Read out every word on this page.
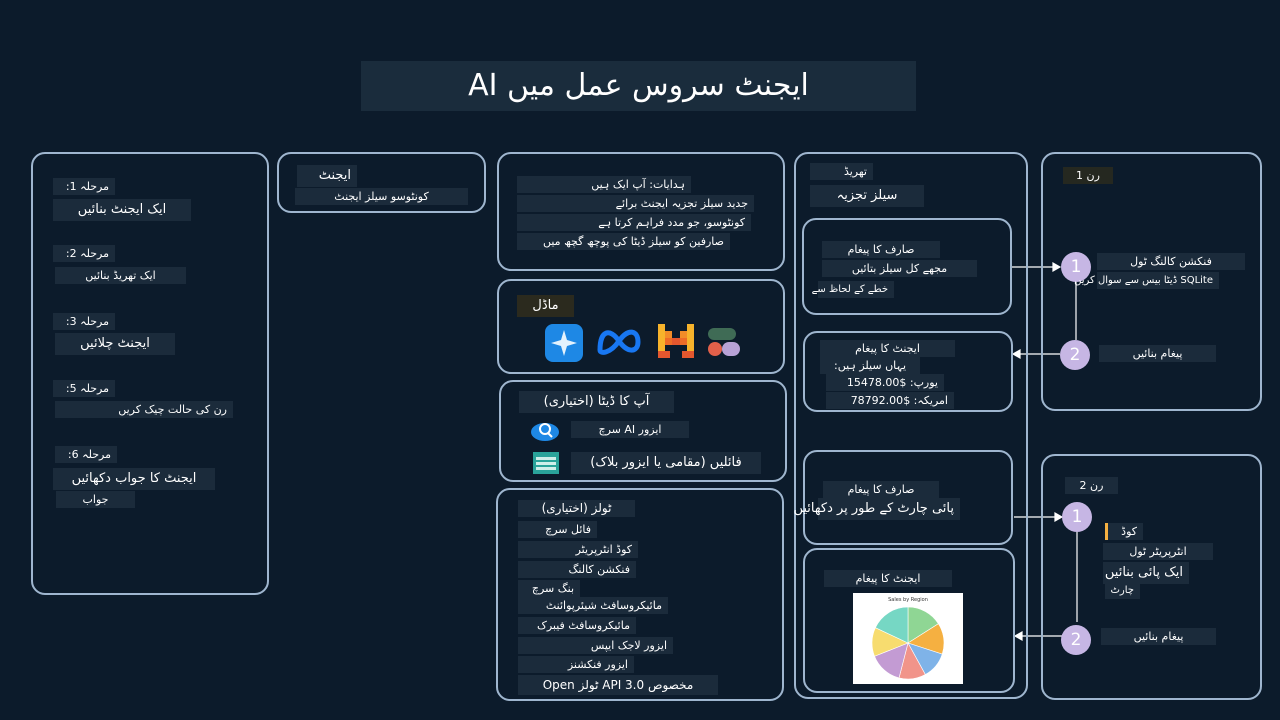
ایجنٹ سروس عمل میں AI
مرحلہ 1:
ایک ایجنٹ بنائیں
مرحلہ 2:
ایک تھریڈ بنائیں
مرحلہ 3:
ایجنٹ چلائیں
مرحلہ 5:
رن کی حالت چیک کریں
مرحلہ 6:
ایجنٹ کا جواب دکھائیں
جواب
ایجنٹ
کونٹوسو سیلز ایجنٹ
ہدایات: آپ ایک ہیں
جدید سیلز تجزیہ ایجنٹ برائے
کونٹوسو، جو مدد فراہم کرتا ہے
صارفین کو سیلز ڈیٹا کی پوچھ گچھ میں
ماڈل
آپ کا ڈیٹا (اختیاری)
ایزور AI سرچ
فائلیں (مقامی یا ایزور بلاک)
ٹولز (اختیاری)
فائل سرچ
کوڈ انٹرپریٹر
فنکشن کالنگ
بنگ سرچ
مائیکروسافٹ شیئرپوائنٹ
مائیکروسافٹ فیبرک
ایزور لاجک ایپس
ایزور فنکشنز
مخصوص API 3.0 ٹولز Open
تھریڈ
سیلز تجزیہ
صارف کا پیغام
مجھے کل سیلز بتائیں
خطے کے لحاظ سے
ایجنٹ کا پیغام
یہاں سیلز ہیں:
یورپ: $15478.00
امریکہ: $78792.00
صارف کا پیغام
پائی چارٹ کے طور پر دکھائیں
ایجنٹ کا پیغام
Sales by Region
رن 1
1	فنکشن کالنگ ٹول
SQLite ڈیٹا بیس سے سوال کریں
2	پیغام بنائیں
رن 2
1
کوڈ
انٹرپریٹر ٹول
ایک پائی بنائیں
چارٹ
2	پیغام بنائیں
